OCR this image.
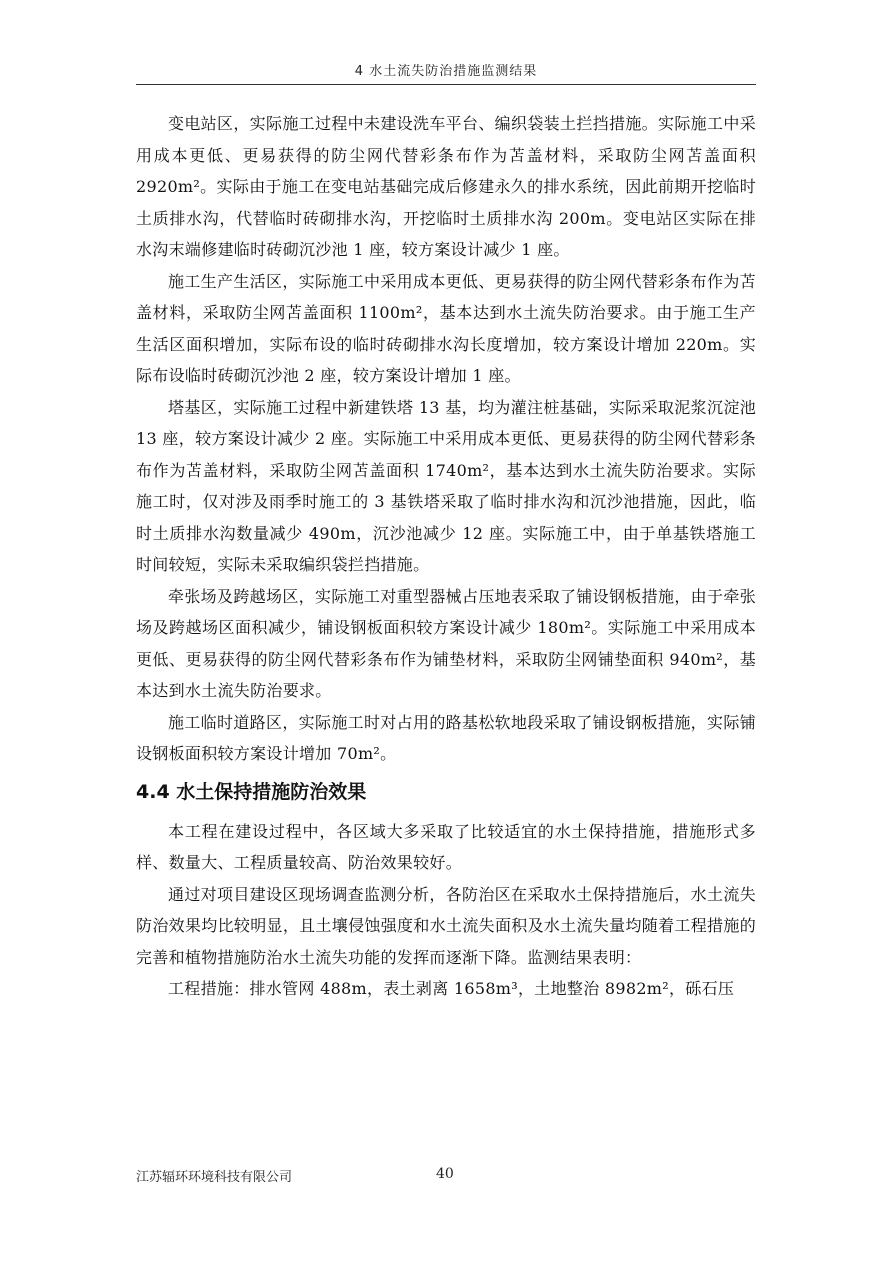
4 水土流失防治措施监测结果

变电站区，实际施工过程中未建设洗车平台、编织袋装土拦挡措施。实际施工中采用成本更低、更易获得的防尘网代替彩条布作为苫盖材料，采取防尘网苫盖面积 2920m²。实际由于施工在变电站基础完成后修建永久的排水系统，因此前期开挖临时土质排水沟，代替临时砖砌排水沟，开挖临时土质排水沟 200m。变电站区实际在排水沟末端修建临时砖砌沉沙池 1 座，较方案设计减少 1 座。

施工生产生活区，实际施工中采用成本更低、更易获得的防尘网代替彩条布作为苫盖材料，采取防尘网苫盖面积 1100m²，基本达到水土流失防治要求。由于施工生产生活区面积增加，实际布设的临时砖砌排水沟长度增加，较方案设计增加 220m。实际布设临时砖砌沉沙池 2 座，较方案设计增加 1 座。

塔基区，实际施工过程中新建铁塔 13 基，均为灌注桩基础，实际采取泥浆沉淀池 13 座，较方案设计减少 2 座。实际施工中采用成本更低、更易获得的防尘网代替彩条布作为苫盖材料，采取防尘网苫盖面积 1740m²，基本达到水土流失防治要求。实际施工时，仅对涉及雨季时施工的 3 基铁塔采取了临时排水沟和沉沙池措施，因此，临时土质排水沟数量减少 490m，沉沙池减少 12 座。实际施工中，由于单基铁塔施工时间较短，实际未采取编织袋拦挡措施。

牵张场及跨越场区，实际施工对重型器械占压地表采取了铺设钢板措施，由于牵张场及跨越场区面积减少，铺设钢板面积较方案设计减少 180m²。实际施工中采用成本更低、更易获得的防尘网代替彩条布作为铺垫材料，采取防尘网铺垫面积 940m²，基本达到水土流失防治要求。

施工临时道路区，实际施工时对占用的路基松软地段采取了铺设钢板措施，实际铺设钢板面积较方案设计增加 70m²。

4.4 水土保持措施防治效果

本工程在建设过程中，各区域大多采取了比较适宜的水土保持措施，措施形式多样、数量大、工程质量较高、防治效果较好。

通过对项目建设区现场调查监测分析，各防治区在采取水土保持措施后，水土流失防治效果均比较明显，且土壤侵蚀强度和水土流失面积及水土流失量均随着工程措施的完善和植物措施防治水土流失功能的发挥而逐渐下降。监测结果表明：

工程措施：排水管网 488m，表土剥离 1658m³，土地整治 8982m²，砾石压

江苏辐环环境科技有限公司	40
